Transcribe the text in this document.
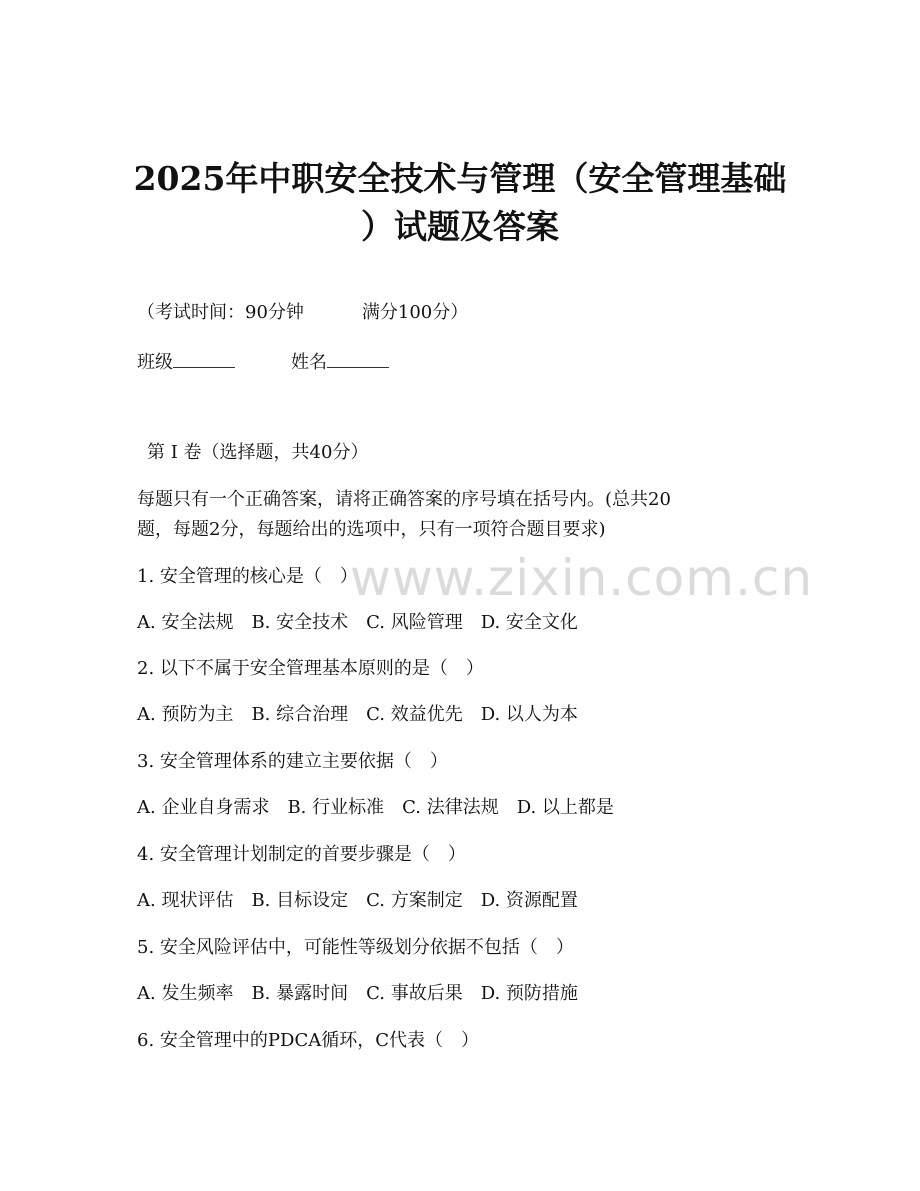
2025年中职安全技术与管理（安全管理基础
）试题及答案

（考试时间：90分钟	满分100分）

班级	姓名

第 I 卷（选择题，共40分）

每题只有一个正确答案，请将正确答案的序号填在括号内。(总共20

题，每题2分，每题给出的选项中，只有一项符合题目要求)

1. 安全管理的核心是（　）

A. 安全法规 B. 安全技术 C. 风险管理 D. 安全文化

2. 以下不属于安全管理基本原则的是（　）

A. 预防为主 B. 综合治理 C. 效益优先 D. 以人为本

3. 安全管理体系的建立主要依据（　）

A. 企业自身需求 B. 行业标准 C. 法律法规 D. 以上都是

4. 安全管理计划制定的首要步骤是（　）

A. 现状评估 B. 目标设定 C. 方案制定 D. 资源配置

5. 安全风险评估中，可能性等级划分依据不包括（　）

A. 发生频率 B. 暴露时间 C. 事故后果 D. 预防措施

6. 安全管理中的PDCA循环，C代表（　）

www.zixin.com.cn
